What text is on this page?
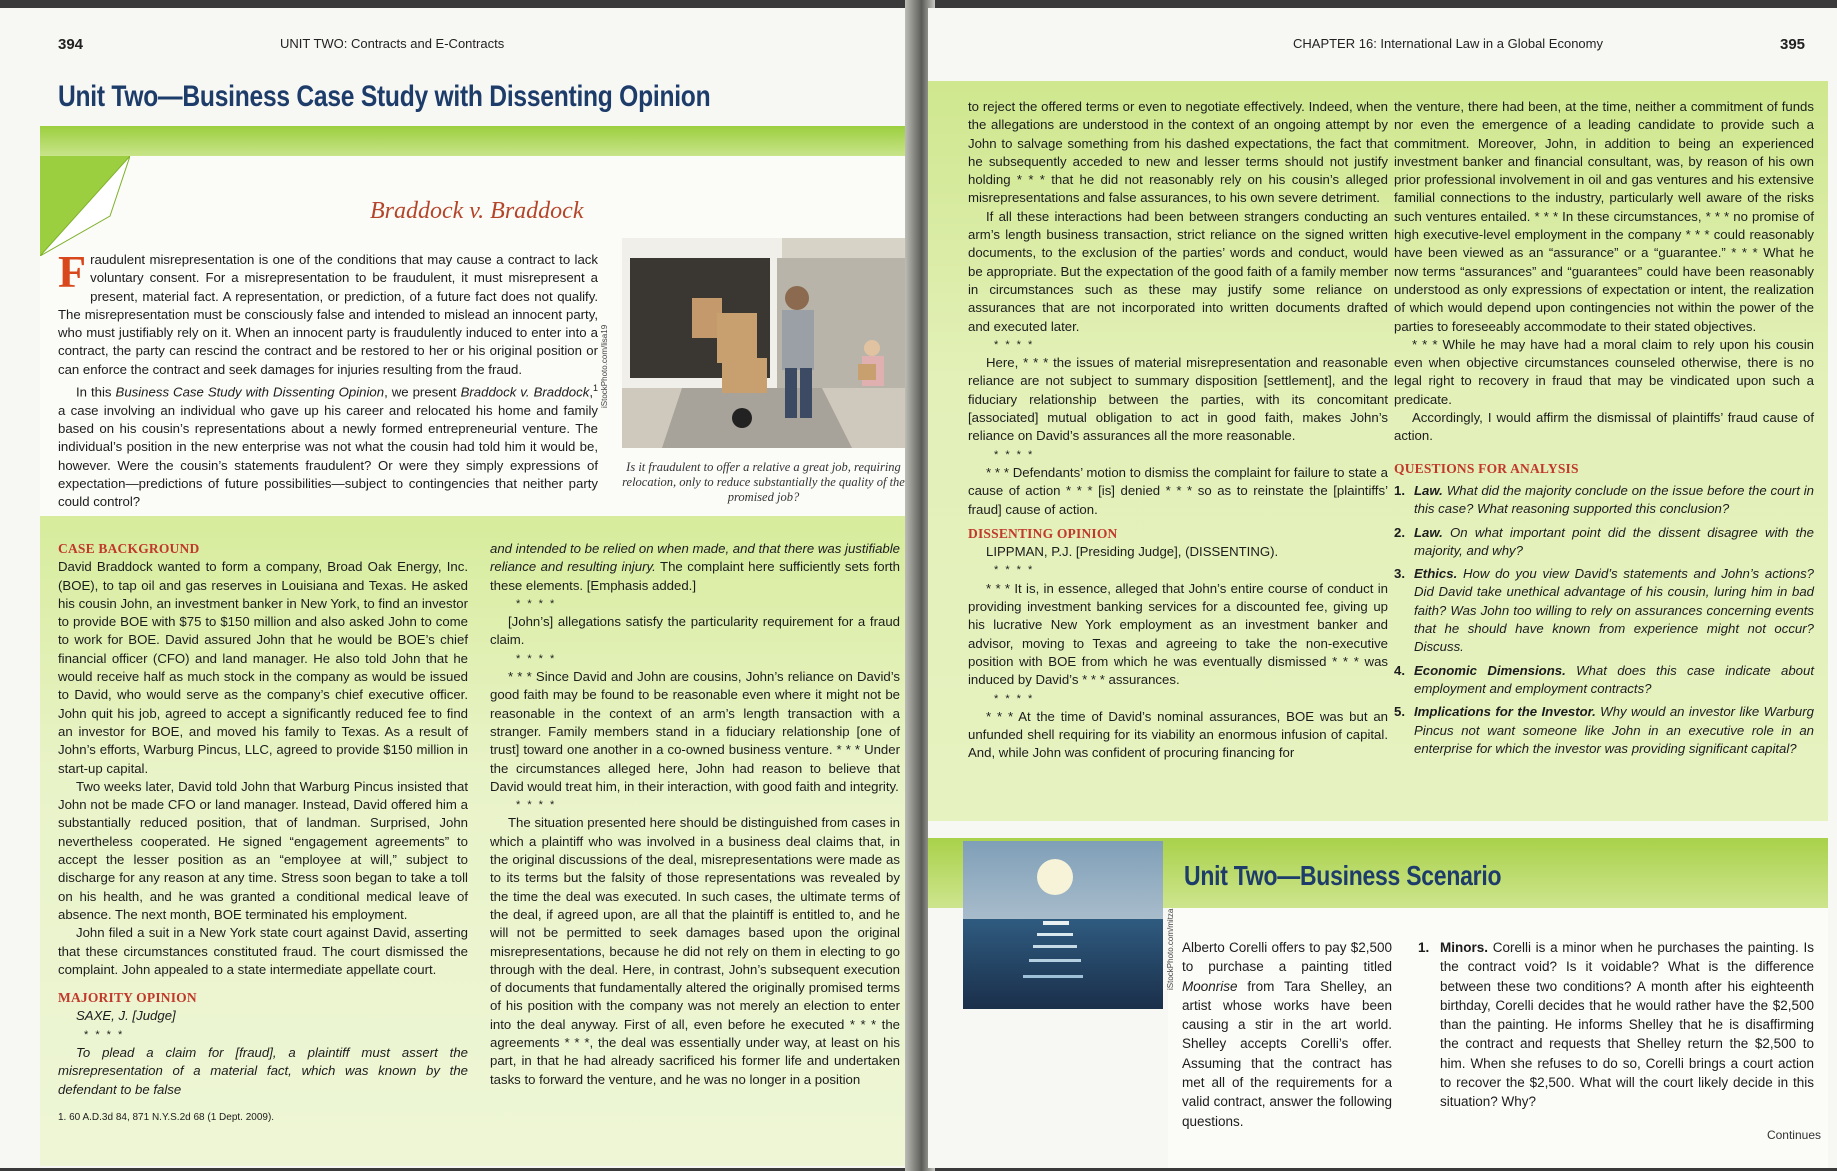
394	UNIT TWO: Contracts and E-Contracts
Unit Two—Business Case Study with Dissenting Opinion
Braddock v. Braddock

Fraudulent misrepresentation is one of the conditions that may cause a contract to lack voluntary consent. For a misrepresentation to be fraudulent, it must misrepresent a present, material fact. A representation, or prediction, of a future fact does not qualify. The misrepresentation must be consciously false and intended to mislead an innocent party, who must justifiably rely on it. When an innocent party is fraudulently induced to enter into a contract, the party can rescind the contract and be restored to her or his original position or can enforce the contract and seek damages for injuries resulting from the fraud.

In this Business Case Study with Dissenting Opinion, we present Braddock v. Braddock,$^1$ a case involving an individual who gave up his career and relocated his home and family based on his cousin’s representations about a newly formed entrepreneurial venture. The individual’s position in the new enterprise was not what the cousin had told him it would be, however. Were the cousin’s statements fraudulent? Or were they simply expressions of expectation—predictions of future possibilities—subject to contingencies that neither party could control?

iStockPhoto.com/lisa19
Is it fraudulent to offer a relative a great job, requiring relocation, only to reduce substantially the quality of the promised job?

CASE BACKGROUND

David Braddock wanted to form a company, Broad Oak Energy, Inc. (BOE), to tap oil and gas reserves in Louisiana and Texas. He asked his cousin John, an investment banker in New York, to find an investor to provide BOE with $75 to $150 million and also asked John to come to work for BOE. David assured John that he would be BOE’s chief financial officer (CFO) and land manager. He also told John that he would receive half as much stock in the company as would be issued to David, who would serve as the company’s chief executive officer. John quit his job, agreed to accept a significantly reduced fee to find an investor for BOE, and moved his family to Texas. As a result of John’s efforts, Warburg Pincus, LLC, agreed to provide $150 million in start-up capital.

Two weeks later, David told John that Warburg Pincus insisted that John not be made CFO or land manager. Instead, David offered him a substantially reduced position, that of landman. Surprised, John nevertheless cooperated. He signed “engagement agreements” to accept the lesser position as an “employee at will,” subject to discharge for any reason at any time. Stress soon began to take a toll on his health, and he was granted a conditional medical leave of absence. The next month, BOE terminated his employment.

John filed a suit in a New York state court against David, asserting that these circumstances constituted fraud. The court dismissed the complaint. John appealed to a state intermediate appellate court.

MAJORITY OPINION

SAXE, J. [Judge]

* * * *

To plead a claim for [fraud], a plaintiff must assert the misrepresentation of a material fact, which was known by the defendant to be false

1. 60 A.D.3d 84, 871 N.Y.S.2d 68 (1 Dept. 2009).

and intended to be relied on when made, and that there was justifiable reliance and resulting injury. The complaint here sufficiently sets forth these elements. [Emphasis added.]

* * * *

[John’s] allegations satisfy the particularity requirement for a fraud claim.

* * * *

* * * Since David and John are cousins, John’s reliance on David’s good faith may be found to be reasonable even where it might not be reasonable in the context of an arm’s length transaction with a stranger. Family members stand in a fiduciary relationship [one of trust] toward one another in a co-owned business venture. * * * Under the circumstances alleged here, John had reason to believe that David would treat him, in their interaction, with good faith and integrity.

* * * *

The situation presented here should be distinguished from cases in which a plaintiff who was involved in a business deal claims that, in the original discussions of the deal, misrepresentations were made as to its terms but the falsity of those representations was revealed by the time the deal was executed. In such cases, the ultimate terms of the deal, if agreed upon, are all that the plaintiff is entitled to, and he will not be permitted to seek damages based upon the original misrepresentations, because he did not rely on them in electing to go through with the deal. Here, in contrast, John’s subsequent execution of documents that fundamentally altered the originally promised terms of his position with the company was not merely an election to enter into the deal anyway. First of all, even before he executed * * * the agreements * * *, the deal was essentially under way, at least on his part, in that he had already sacrificed his former life and undertaken tasks to forward the venture, and he was no longer in a position

CHAPTER 16: International Law in a Global Economy	395

to reject the offered terms or even to negotiate effectively. Indeed, when the allegations are understood in the context of an ongoing attempt by John to salvage something from his dashed expectations, the fact that he subsequently acceded to new and lesser terms should not justify holding * * * that he did not reasonably rely on his cousin’s alleged misrepresentations and false assurances, to his own severe detriment.

If all these interactions had been between strangers conducting an arm’s length business transaction, strict reliance on the signed written documents, to the exclusion of the parties’ words and conduct, would be appropriate. But the expectation of the good faith of a family member in circumstances such as these may justify some reliance on assurances that are not incorporated into written documents drafted and executed later.

* * * *

Here, * * * the issues of material misrepresentation and reasonable reliance are not subject to summary disposition [settlement], and the fiduciary relationship between the parties, with its concomitant [associated] mutual obligation to act in good faith, makes John’s reliance on David’s assurances all the more reasonable.

* * * *

* * * Defendants’ motion to dismiss the complaint for failure to state a cause of action * * * [is] denied * * * so as to reinstate the [plaintiffs’ fraud] cause of action.

DISSENTING OPINION

LIPPMAN, P.J. [Presiding Judge], (DISSENTING).

* * * *

* * * It is, in essence, alleged that John’s entire course of conduct in providing investment banking services for a discounted fee, giving up his lucrative New York employment as an investment banker and advisor, moving to Texas and agreeing to take the non-executive position with BOE from which he was eventually dismissed * * * was induced by David’s * * * assurances.

* * * *

* * * At the time of David’s nominal assurances, BOE was but an unfunded shell requiring for its viability an enormous infusion of capital. And, while John was confident of procuring financing for

the venture, there had been, at the time, neither a commitment of funds nor even the emergence of a leading candidate to provide such a commitment. Moreover, John, in addition to being an experienced investment banker and financial consultant, was, by reason of his own prior professional involvement in oil and gas ventures and his extensive familial connections to the industry, particularly well aware of the risks such ventures entailed. * * * In these circumstances, * * * no promise of high executive-level employment in the company * * * could reasonably have been viewed as an “assurance” or a “guarantee.” * * * What he now terms “assurances” and “guarantees” could have been reasonably understood as only expressions of expectation or intent, the realization of which would depend upon contingencies not within the power of the parties to foreseeably accommodate to their stated objectives.

* * * While he may have had a moral claim to rely upon his cousin even when objective circumstances counseled otherwise, there is no legal right to recovery in fraud that may be vindicated upon such a predicate.

Accordingly, I would affirm the dismissal of plaintiffs’ fraud cause of action.

QUESTIONS FOR ANALYSIS

1. Law. What did the majority conclude on the issue before the court in this case? What reasoning supported this conclusion?
2. Law. On what important point did the dissent disagree with the majority, and why?
3. Ethics. How do you view David’s statements and John’s actions? Did David take unethical advantage of his cousin, luring him in bad faith? Was John too willing to rely on assurances concerning events that he should have known from experience might not occur? Discuss.
4. Economic Dimensions. What does this case indicate about employment and employment contracts?
5. Implications for the Investor. Why would an investor like Warburg Pincus not want someone like John in an executive role in an enterprise for which the investor was providing significant capital?
iStockPhoto.com/mitza
Unit Two—Business Scenario

Alberto Corelli offers to pay $2,500 to purchase a painting titled Moonrise from Tara Shelley, an artist whose works have been causing a stir in the art world. Shelley accepts Corelli’s offer. Assuming that the contract has met all of the requirements for a valid contract, answer the following questions.

1. Minors. Corelli is a minor when he purchases the painting. Is the contract void? Is it voidable? What is the difference between these two conditions? A month after his eighteenth birthday, Corelli decides that he would rather have the $2,500 than the painting. He informs Shelley that he is disaffirming the contract and requests that Shelley return the $2,500 to him. When she refuses to do so, Corelli brings a court action to recover the $2,500. What will the court likely decide in this situation? Why?

Continues
